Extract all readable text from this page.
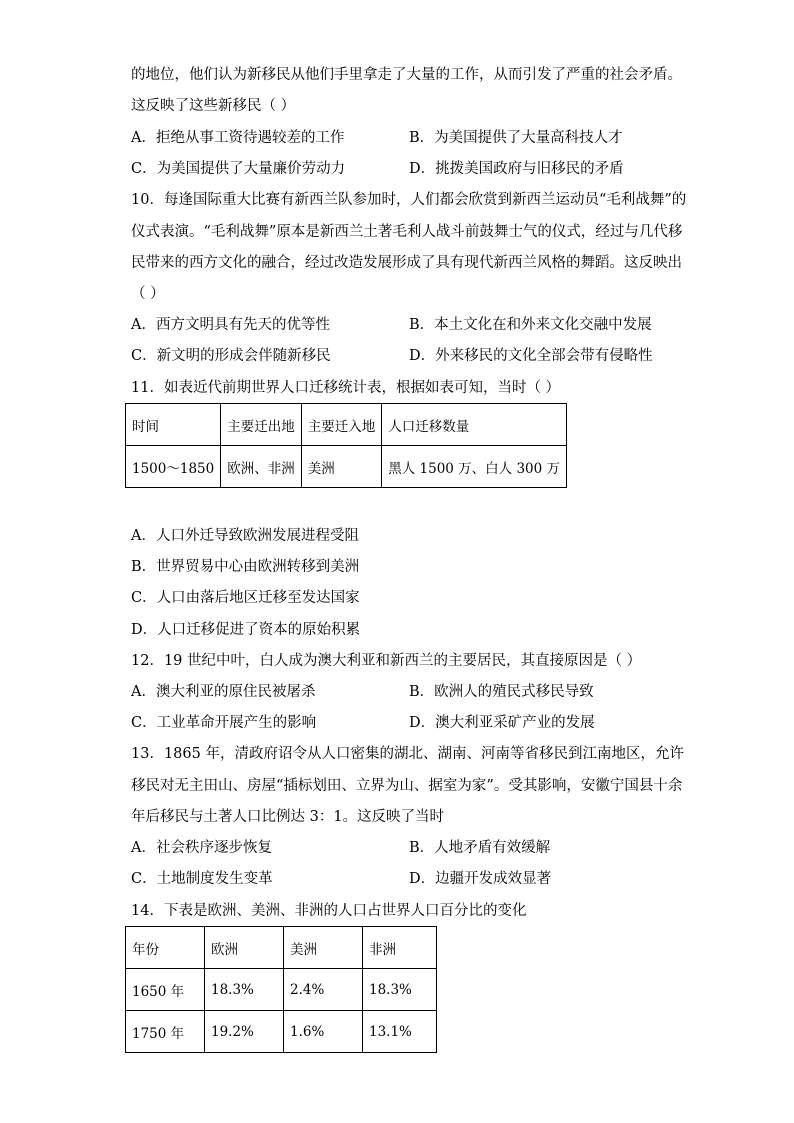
的地位，他们认为新移民从他们手里拿走了大量的工作，从而引发了严重的社会矛盾。
这反映了这些新移民（ ）
A．拒绝从事工资待遇较差的工作	B．为美国提供了大量高科技人才
C．为美国提供了大量廉价劳动力	D．挑拨美国政府与旧移民的矛盾
10．每逢国际重大比赛有新西兰队参加时，人们都会欣赏到新西兰运动员“毛利战舞”的
仪式表演。“毛利战舞”原本是新西兰土著毛利人战斗前鼓舞士气的仪式，经过与几代移
民带来的西方文化的融合，经过改造发展形成了具有现代新西兰风格的舞蹈。这反映出
（ ）
A．西方文明具有先天的优等性	B．本土文化在和外来文化交融中发展
C．新文明的形成会伴随新移民	D．外来移民的文化全部会带有侵略性
11．如表近代前期世界人口迁移统计表，根据如表可知，当时（ ）
时间	主要迁出地	主要迁入地	人口迁移数量
1500～1850	欧洲、非洲	美洲	黑人 1500 万、白人 300 万
A．人口外迁导致欧洲发展进程受阻
B．世界贸易中心由欧洲转移到美洲
C．人口由落后地区迁移至发达国家
D．人口迁移促进了资本的原始积累
12．19 世纪中叶，白人成为澳大利亚和新西兰的主要居民，其直接原因是（ ）
A．澳大利亚的原住民被屠杀	B．欧洲人的殖民式移民导致
C．工业革命开展产生的影响	D．澳大利亚采矿产业的发展
13．1865 年，清政府诏令从人口密集的湖北、湖南、河南等省移民到江南地区，允许
移民对无主田山、房屋“插标划田、立界为山、据室为家”。受其影响，安徽宁国县十余
年后移民与土著人口比例达 3：1。这反映了当时
A．社会秩序逐步恢复	B．人地矛盾有效缓解
C．土地制度发生变革	D．边疆开发成效显著
14．下表是欧洲、美洲、非洲的人口占世界人口百分比的变化
年份	欧洲	美洲	非洲
1650 年	18.3%	2.4%	18.3%
1750 年	19.2%	1.6%	13.1%
